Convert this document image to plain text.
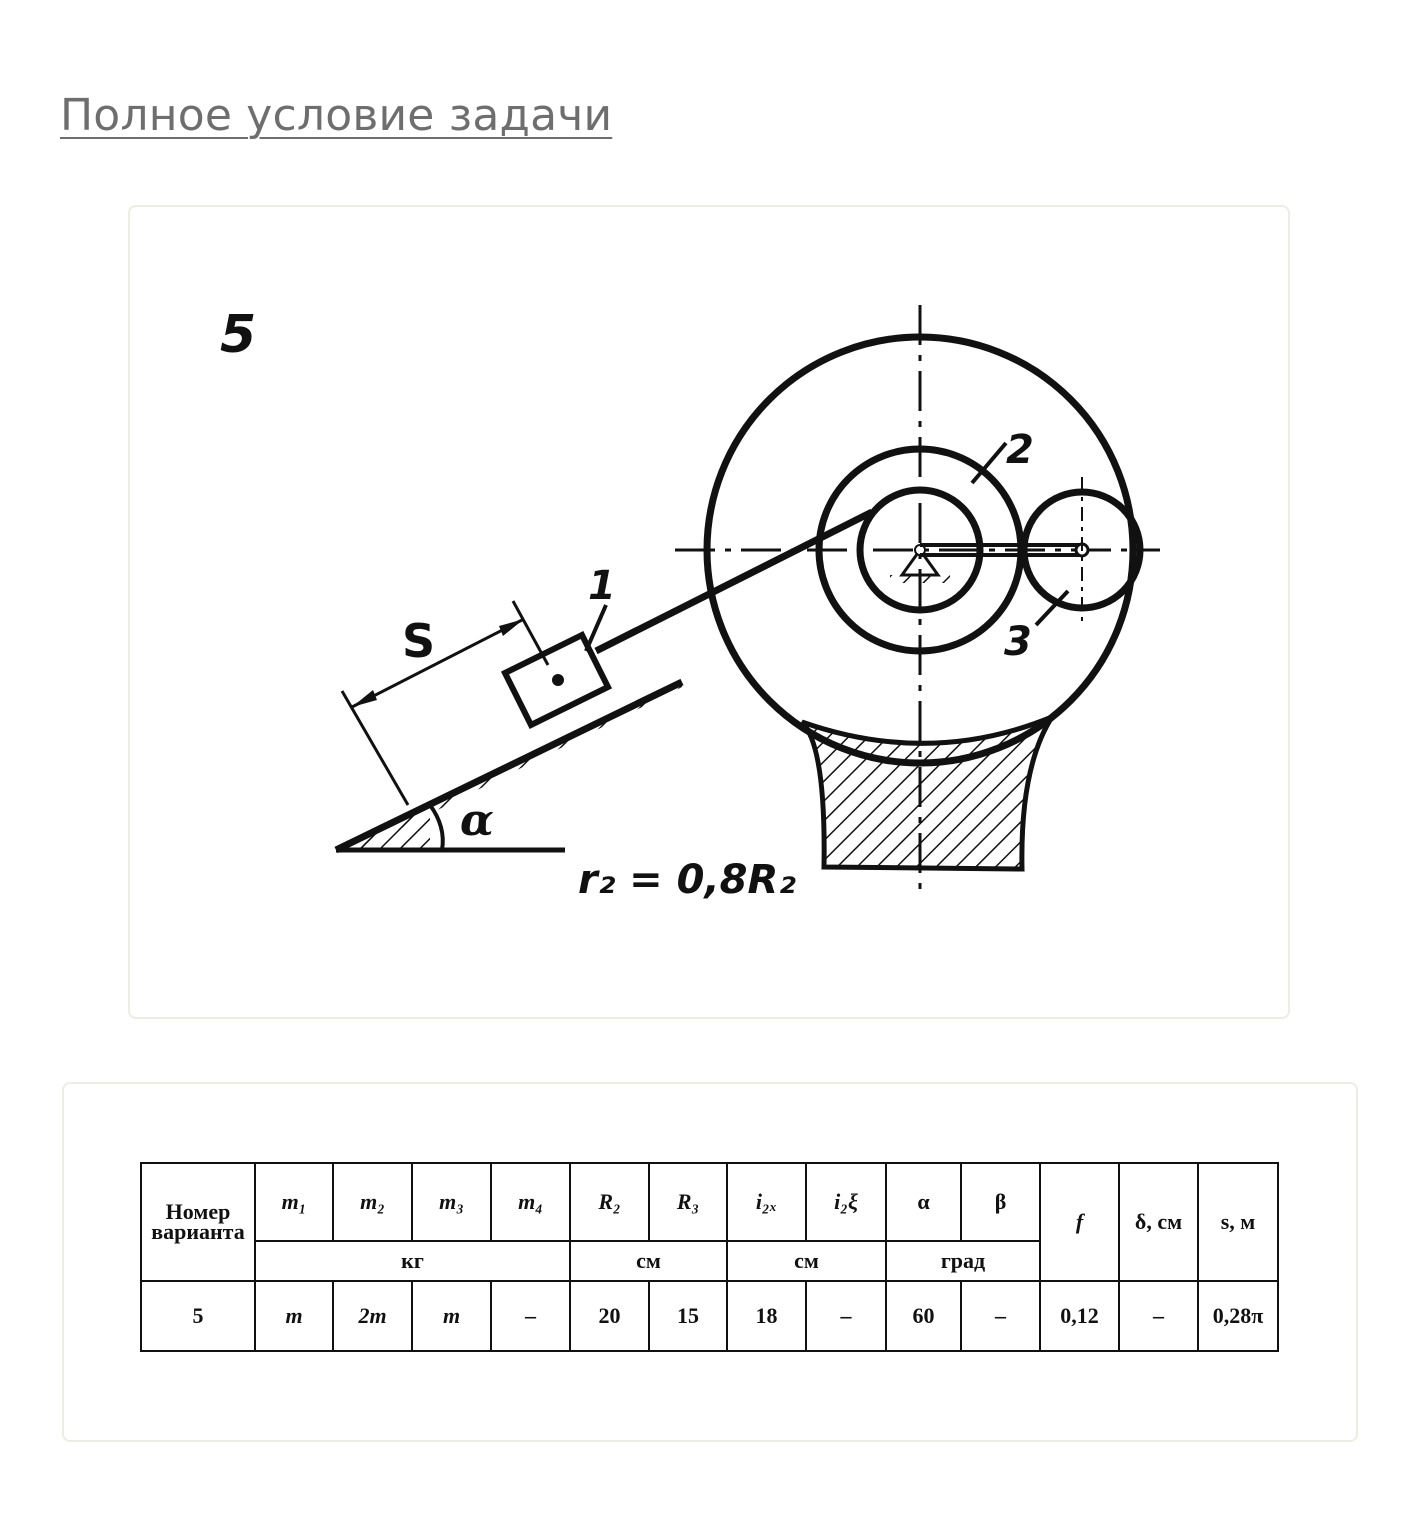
Полное условие задачи
5
α
1
S
2
3
r₂ = 0,8R₂
Номер варианта	m₁	m₂	m₃	m₄	R₂	R₃	i₂ₓ	i₂ξ	α	β	f	δ, см	s, м
	кг				см		см		град				
5	m	2m	m	–	20	15	18	–	60	–	0,12	–	0,28π
